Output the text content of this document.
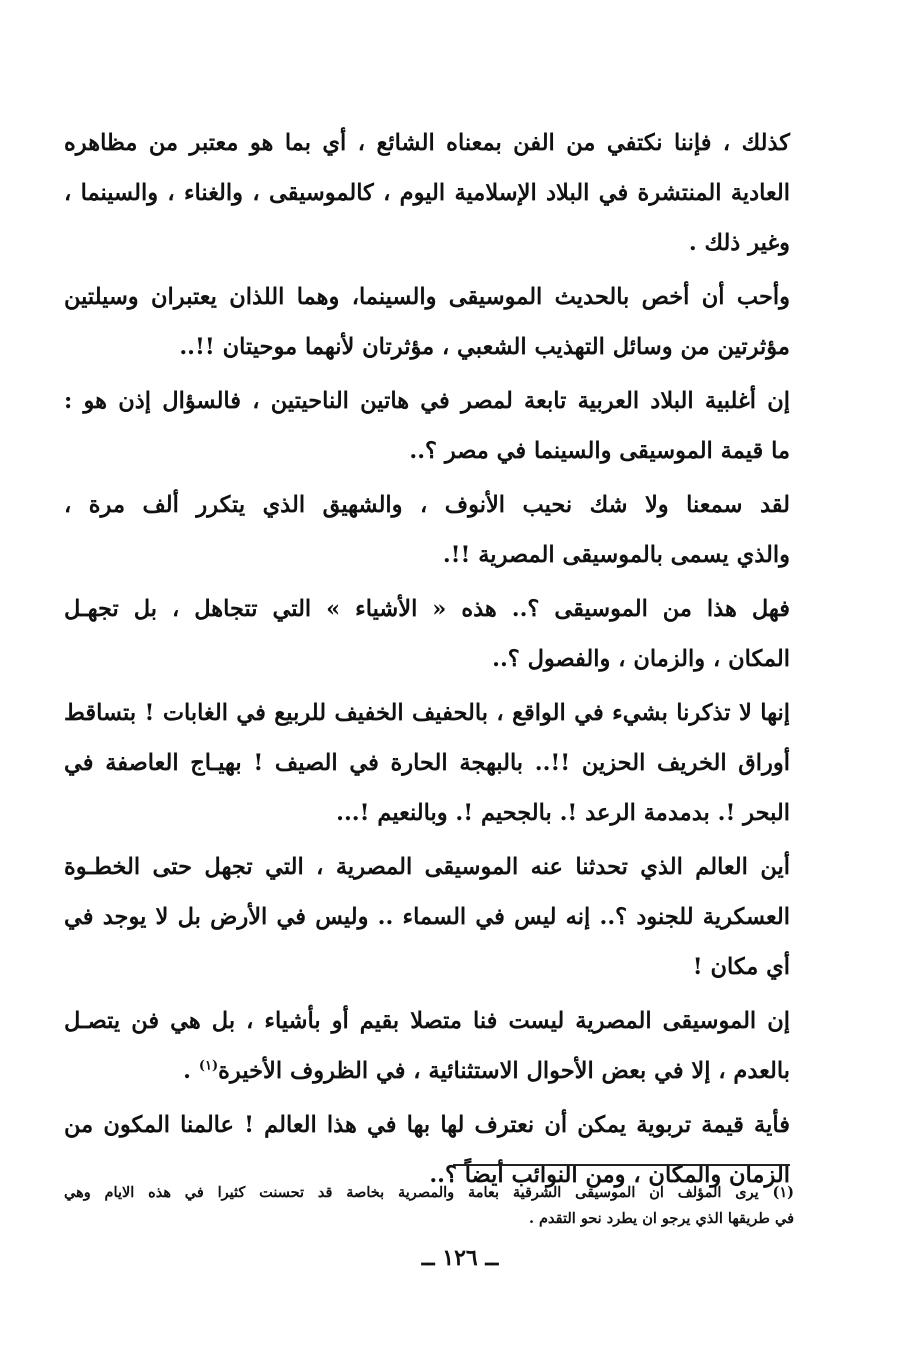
كذلك ، فإننا نكتفي من الفن بمعناه الشائع ، أي بما هو معتبر من مظاهره
العادية المنتشرة في البلاد الإسلامية اليوم ، كالموسيقى ، والغناء ، والسينما ،
وغير ذلك .

وأحب أن أخص بالحديث الموسيقى والسينما، وهما اللذان يعتبران وسيلتين
مؤثرتين من وسائل التهذيب الشعبي ، مؤثرتان لأنهما موحيتان !!..

إن أغلبية البلاد العربية تابعة لمصر في هاتين الناحيتين ، فالسؤال إذن هو :
ما قيمة الموسيقى والسينما في مصر ؟..

لقد سمعنا ولا شك نحيب الأنوف ، والشهيق الذي يتكرر ألف مرة ،
والذي يسمى بالموسيقى المصرية !!.

فهل هذا من الموسيقى ؟.. هذه « الأشياء » التي تتجاهل ، بل تجهـل
المكان ، والزمان ، والفصول ؟..

إنها لا تذكرنا بشيء في الواقع ، بالحفيف الخفيف للربيع في الغابات ! بتساقط
أوراق الخريف الحزين !!.. بالبهجة الحارة في الصيف ! بهيـاج العاصفة في
البحر !. بدمدمة الرعد !. بالجحيم !. وبالنعيم !...

أين العالم الذي تحدثنا عنه الموسيقى المصرية ، التي تجهل حتى الخطـوة
العسكرية للجنود ؟.. إنه ليس في السماء .. وليس في الأرض بل لا يوجد في
أي مكان !

إن الموسيقى المصرية ليست فنا متصلا بقيم أو بأشياء ، بل هي فن يتصـل
بالعدم ، إلا في بعض الأحوال الاستثنائية ، في الظروف الأخيرة$^{(١)}$ .

فأية قيمة تربوية يمكن أن نعترف لها بها في هذا العالم ! عالمنا المكون من
الزمان والمكان ، ومن النوائب أيضاً ؟..

(١) يرى المؤلف ان الموسيقى الشرقية بعامة والمصرية بخاصة قد تحسنت كثيرا في هذه الايام وهي
في طريقها الذي يرجو ان يطرد نحو التقدم .
ــ ١٢٦ ــ
